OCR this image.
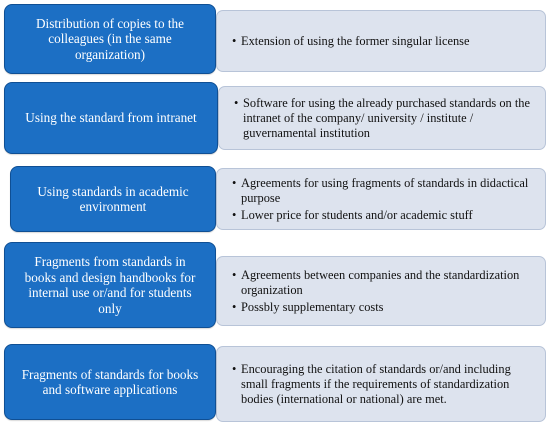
• Extension of using the former singular license
Distribution of copies to the colleagues (in the same organization)
• Software for using the already purchased standards on the intranet of the company/ university / institute / guvernamental institution
Using the standard from intranet
• Agreements for using fragments of standards in didactical purpose
• Lower price for students and/or academic stuff
Using standards in academic environment
• Agreements between companies and the standardization organization
• Possbly supplementary costs
Fragments from standards in books and design handbooks for internal use or/and for students only
• Encouraging the citation of standards or/and including small fragments if the requirements of standardization bodies (international or national) are met.
Fragments of standards for books and software applications
